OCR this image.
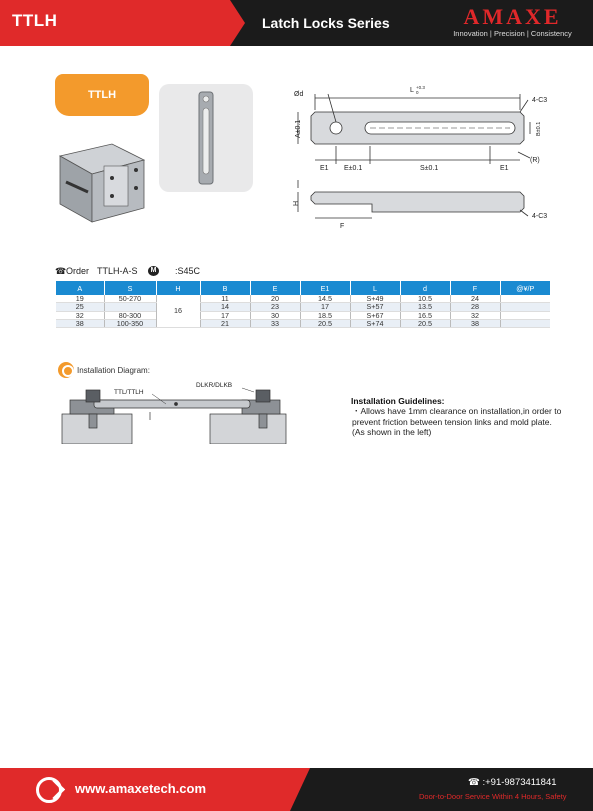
TTLH	Latch Locks Series	AMAXE
Innovation | Precision | Consistency
TTLH	Ød
L +0.3
0
4-C3
A±0.1	B±0.1
E1 E±0.1	S±0.1	E1
(R)
4-C3
H
F
☎ Order TTLH-A-S	M :S45C
A	S	H	B	E	E1	L	d	F	@¥/P
19	50-270	16	11	20	14.5	S+49	10.5	24	
25			14	23	17	S+57	13.5	28	
32	80-300		17	30	18.5	S+67	16.5	32	
38	100-350		21	33	20.5	S+74	20.5	38	
Installation Diagram:
TTL/TTLH
DLKR/DLKB
Installation Guidelines:
・Allows have 1mm clearance on installation,in order to prevent friction between tension links and mold plate.(As shown in the left)
www.amaxetech.com	☎ :+91-9873411841
Door-to-Door Service Within 4 Hours, Safety
